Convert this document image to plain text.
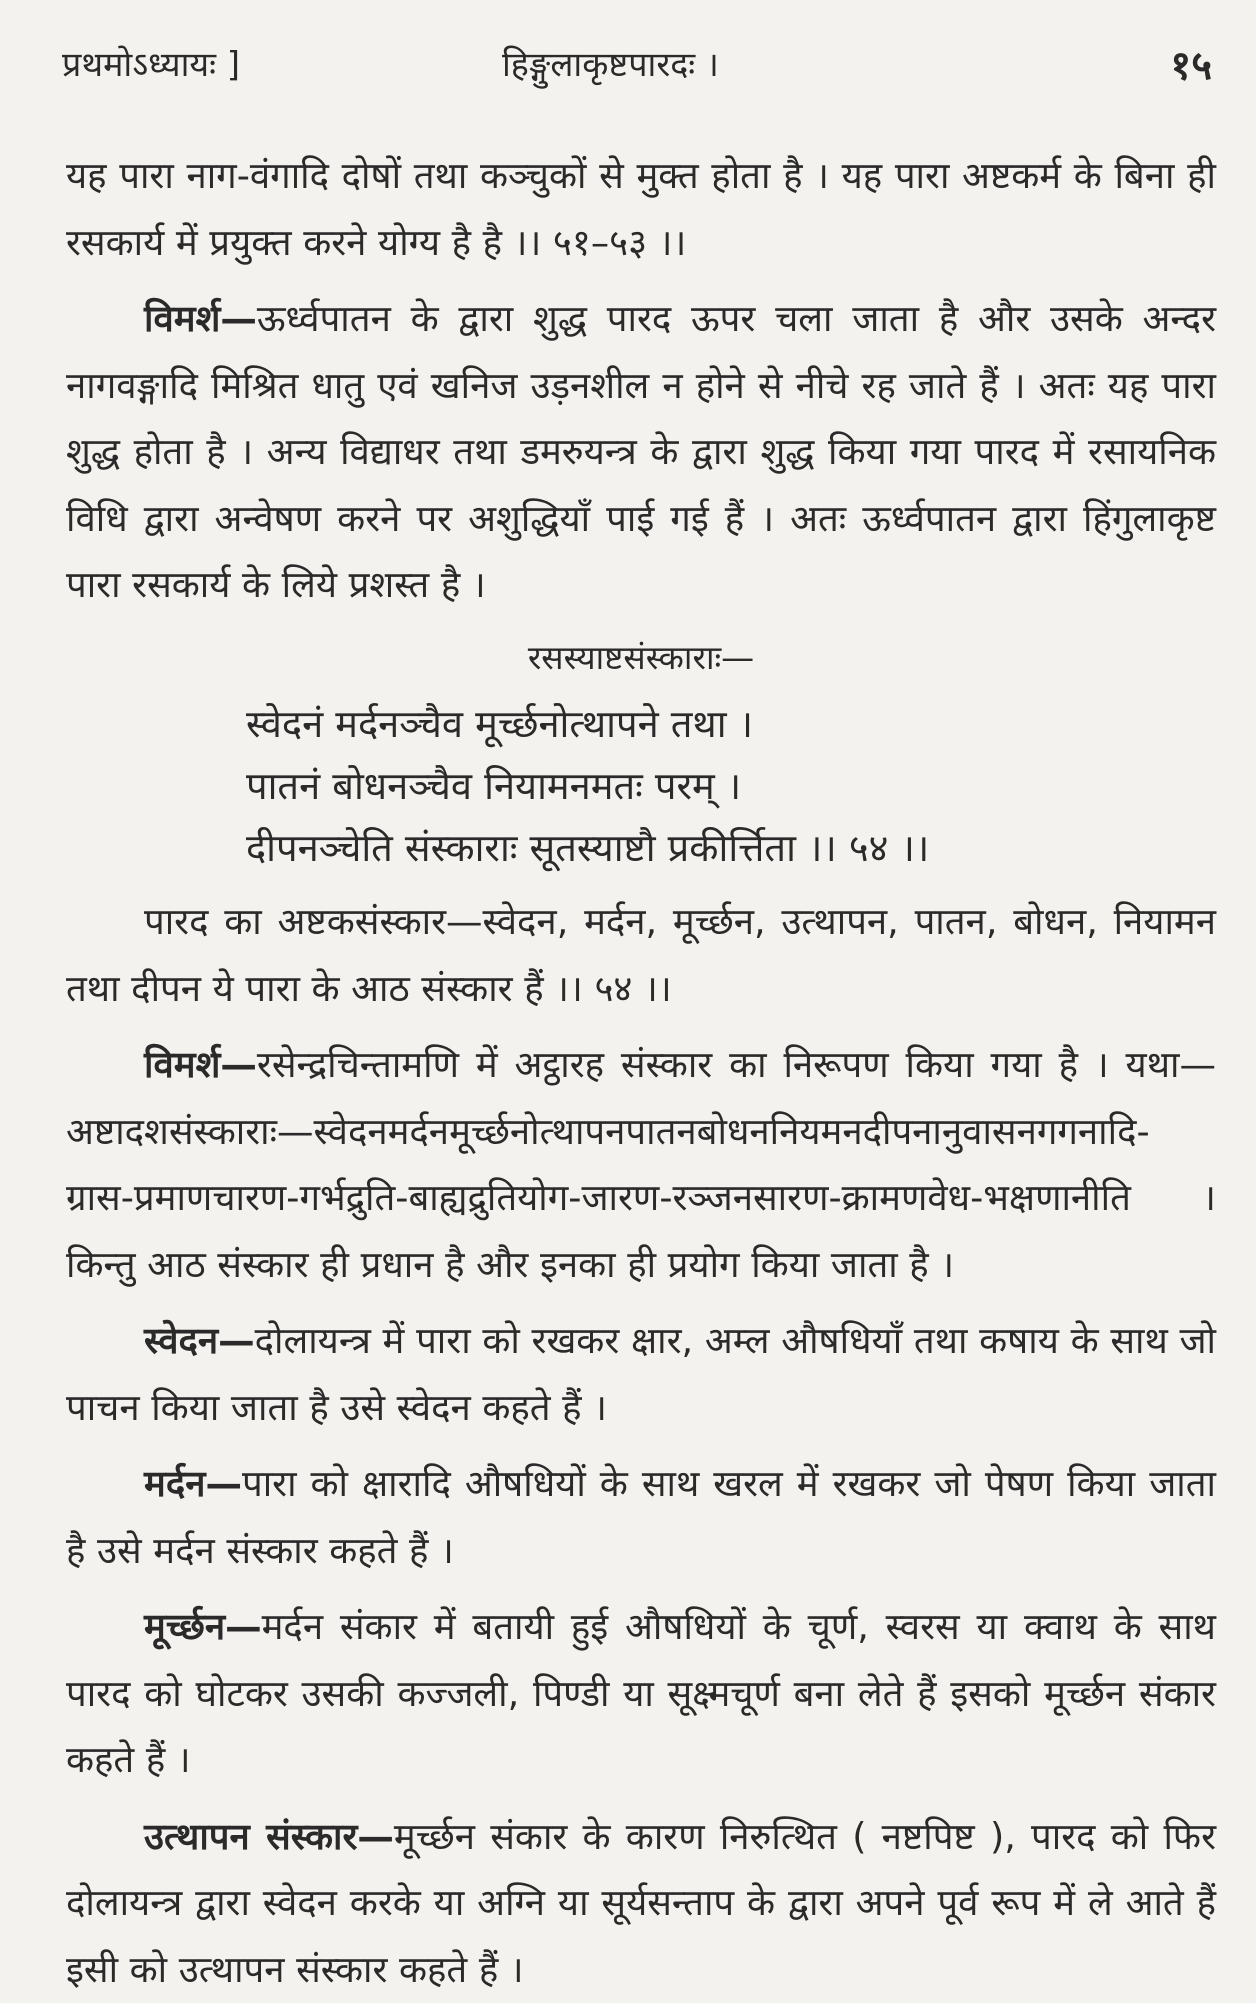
प्रथमोऽध्यायः ]	हिङ्गुलाकृष्टपारदः ।	१५

यह पारा नाग-वंगादि दोषों तथा कञ्चुकों से मुक्त होता है । यह पारा अष्टकर्म के बिना ही रसकार्य में प्रयुक्त करने योग्य है है ।। ५१–५३ ।।

विमर्श—ऊर्ध्वपातन के द्वारा शुद्ध पारद ऊपर चला जाता है और उसके अन्दर नागवङ्गादि मिश्रित धातु एवं खनिज उड़नशील न होने से नीचे रह जाते हैं । अतः यह पारा शुद्ध होता है । अन्य विद्याधर तथा डमरुयन्त्र के द्वारा शुद्ध किया गया पारद में रसायनिक विधि द्वारा अन्वेषण करने पर अशुद्धियाँ पाई गई हैं । अतः ऊर्ध्वपातन द्वारा हिंगुलाकृष्ट पारा रसकार्य के लिये प्रशस्त है ।

रसस्याष्टसंस्काराः—

स्वेदनं मर्दनञ्चैव मूर्च्छनोत्थापने तथा ।
पातनं बोधनञ्चैव नियामनमतः परम् ।
दीपनञ्चेति संस्काराः सूतस्याष्टौ प्रकीर्त्तिता ।। ५४ ।।

पारद का अष्टकसंस्कार—स्वेदन, मर्दन, मूर्च्छन, उत्थापन, पातन, बोधन, नियामन तथा दीपन ये पारा के आठ संस्कार हैं ।। ५४ ।।

विमर्श—रसेन्द्रचिन्तामणि में अट्ठारह संस्कार का निरूपण किया गया है । यथा—अष्टादशसंस्काराः—स्वेदनमर्दनमूर्च्छनोत्थापनपातनबोधननियमनदीपनानुवासनगगनादि-ग्रास-प्रमाणचारण-गर्भद्रुति-बाह्यद्रुतियोग-जारण-रञ्जनसारण-क्रामणवेध-भक्षणानीति । किन्तु आठ संस्कार ही प्रधान है और इनका ही प्रयोग किया जाता है ।

स्वेदन—दोलायन्त्र में पारा को रखकर क्षार, अम्ल औषधियाँ तथा कषाय के साथ जो पाचन किया जाता है उसे स्वेदन कहते हैं ।

मर्दन—पारा को क्षारादि औषधियों के साथ खरल में रखकर जो पेषण किया जाता है उसे मर्दन संस्कार कहते हैं ।

मूर्च्छन—मर्दन संकार में बतायी हुई औषधियों के चूर्ण, स्वरस या क्वाथ के साथ पारद को घोटकर उसकी कज्जली, पिण्डी या सूक्ष्मचूर्ण बना लेते हैं इसको मूर्च्छन संकार कहते हैं ।

उत्थापन संस्कार—मूर्च्छन संकार के कारण निरुत्थित ( नष्टपिष्ट ), पारद को फिर दोलायन्त्र द्वारा स्वेदन करके या अग्नि या सूर्यसन्ताप के द्वारा अपने पूर्व रूप में ले आते हैं इसी को उत्थापन संस्कार कहते हैं ।
